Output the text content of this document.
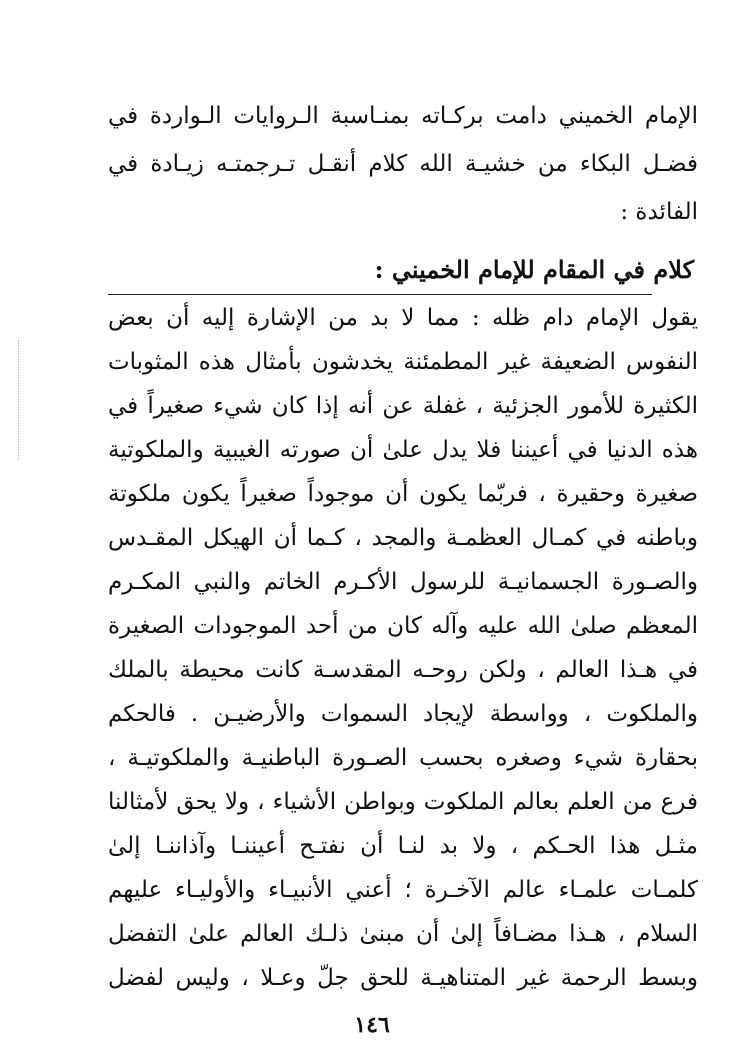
الإمام الخميني دامت بركـاته بمنـاسبة الـروايات الـواردة في
فضـل البكاء من خشيـة الله كلام أنقـل تـرجمتـه زيـادة في
الفائدة :
كلام في المقام للإمام الخميني :
يقول الإمام دام ظله : مما لا بد من الإشارة إليه أن بعض
النفوس الضعيفة غير المطمئنة يخدشون بأمثال هذه المثوبات
الكثيرة للأمور الجزئية ، غفلة عن أنه إذا كان شيء صغيراً في
هذه الدنيا في أعيننا فلا يدل علىٰ أن صورته الغيبية والملكوتية
صغيرة وحقيرة ، فربّما يكون أن موجوداً صغيراً يكون ملكوتة
وباطنه في كمـال العظمـة والمجد ، كـما أن الهيكل المقـدس
والصـورة الجسمانيـة للرسول الأكـرم الخاتم والنبي المكـرم
المعظم صلىٰ الله عليه وآله كان من أحد الموجودات الصغيرة
في هـذا العالم ، ولكن روحـه المقدسـة كانت محيطة بالملك
والملكوت ، وواسطة لإيجاد السموات والأرضيـن . فالحكم
بحقارة شيء وصغره بحسب الصـورة الباطنيـة والملكوتيـة ،
فرع من العلم بعالم الملكوت وبواطن الأشياء ، ولا يحق لأمثالنا
مثـل هذا الحـكم ، ولا بد لنـا أن نفتـح أعيننـا وآذاننـا إلىٰ
كلمـات علمـاء عالم الآخـرة ؛ أعني الأنبيـاء والأوليـاء عليهم
السلام ، هـذا مضـافاً إلىٰ أن مبنىٰ ذلـك العالم علىٰ التفضل
وبسط الرحمة غير المتناهيـة للحق جلّ وعـلا ، وليس لفضل
١٤٦
